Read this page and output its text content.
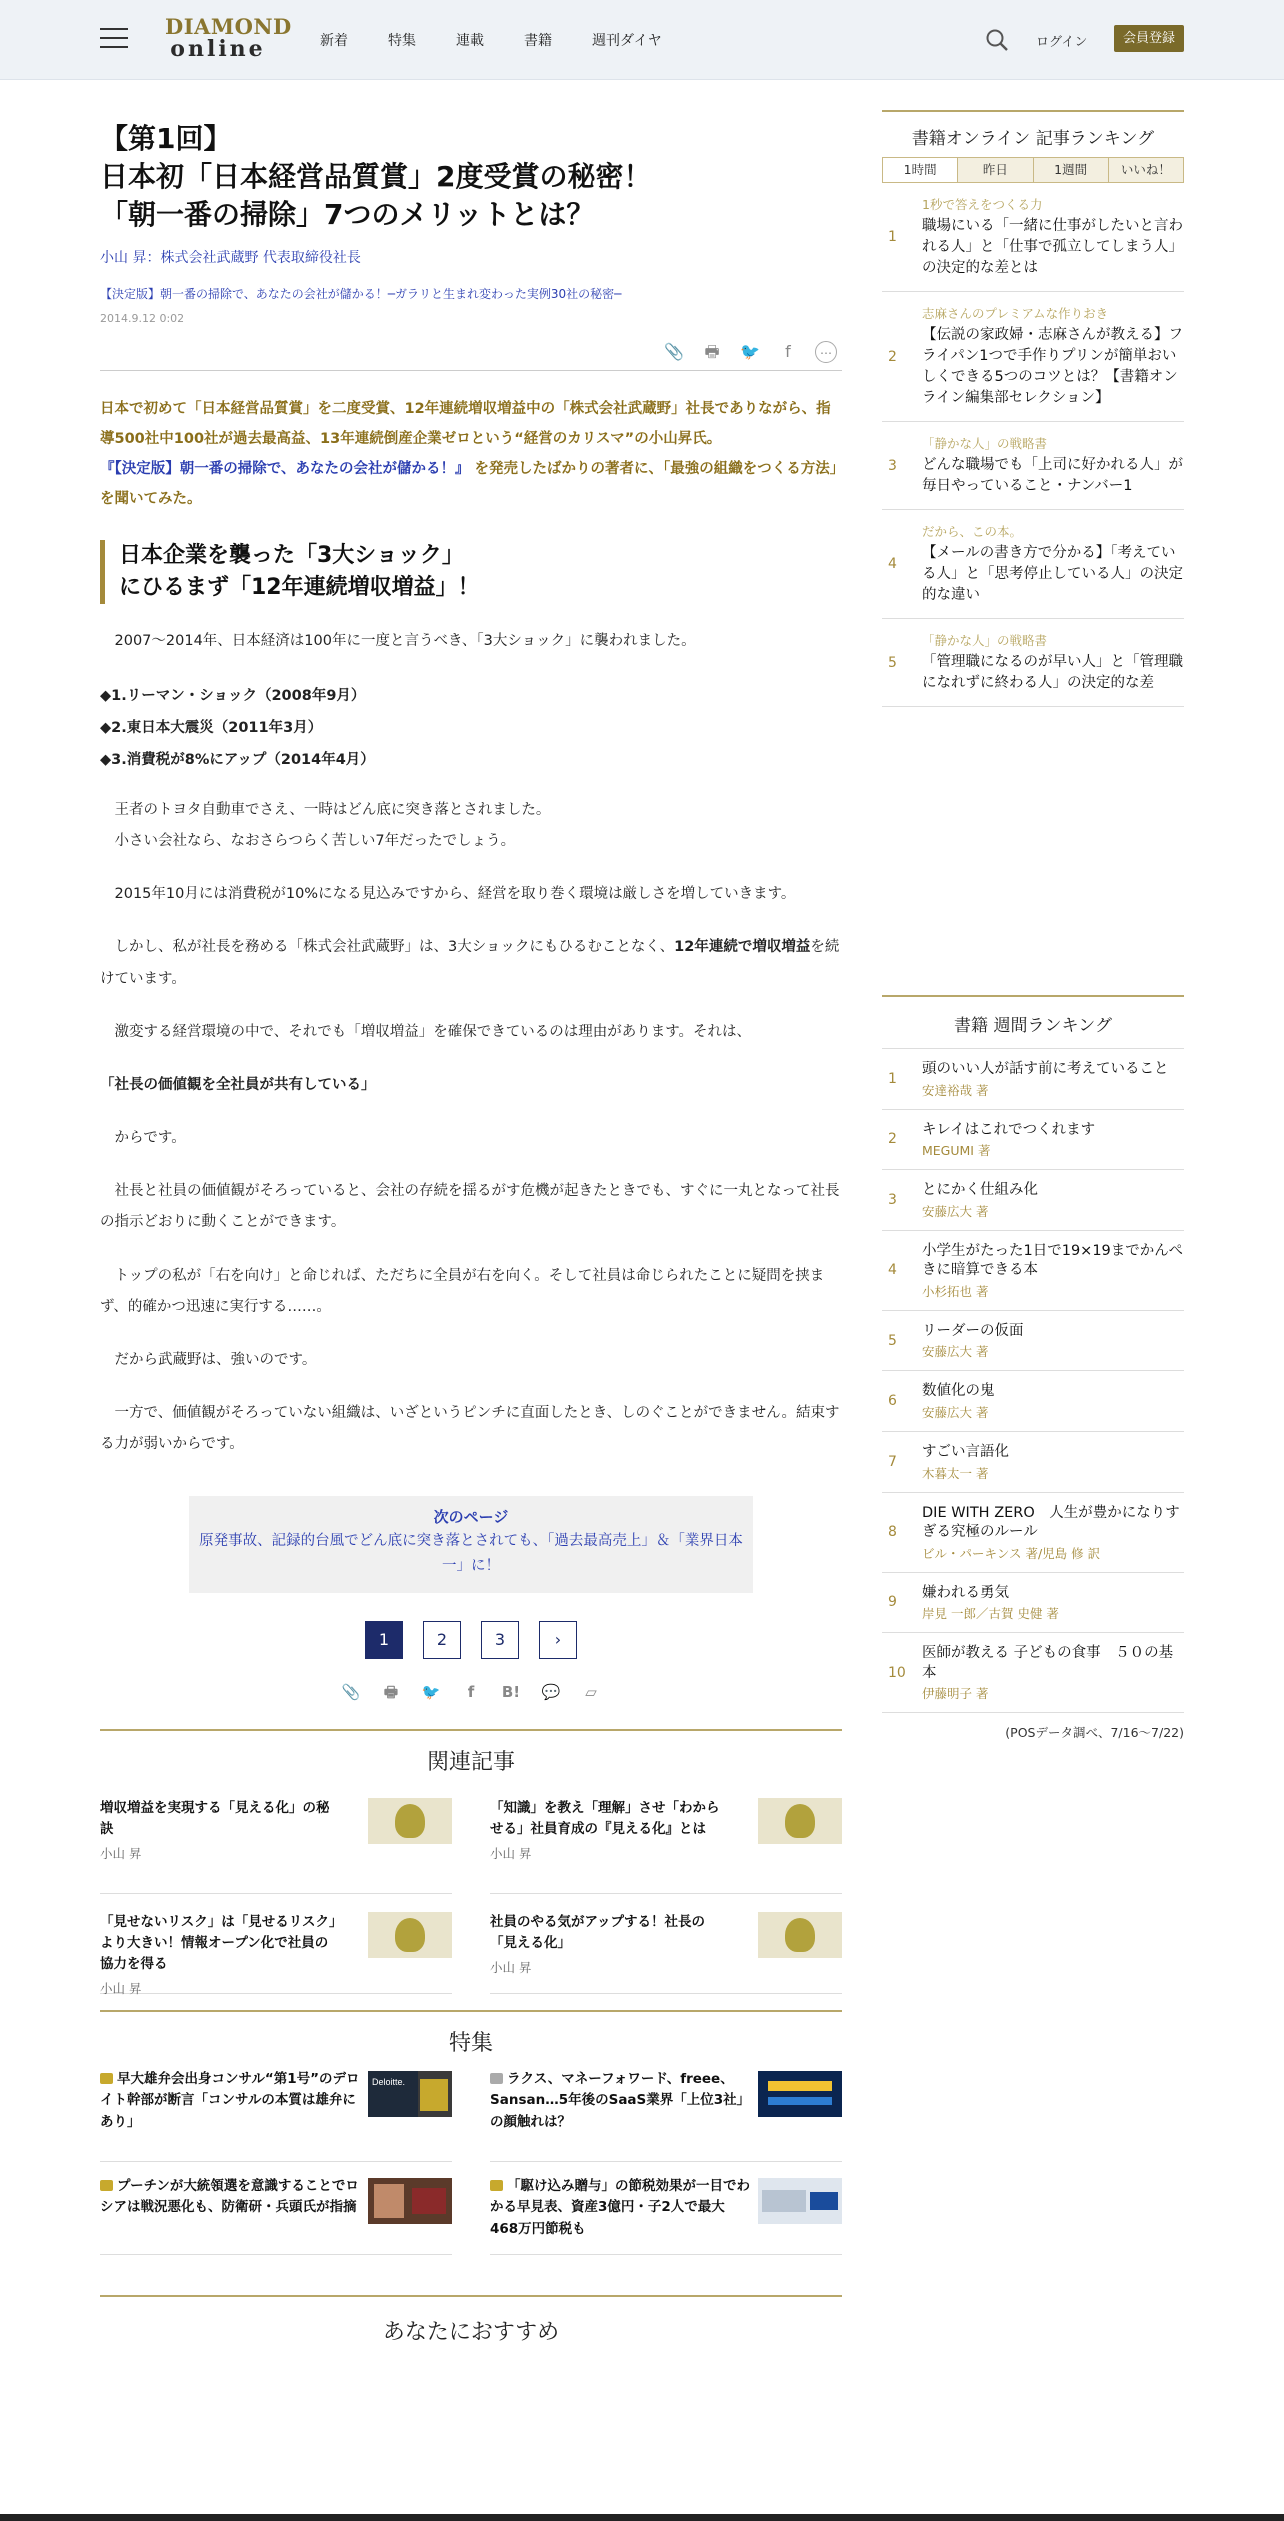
DIAMOND
online	新着	特集	連載	書籍	週刊ダイヤ	ログイン	会員登録
【第1回】
日本初「日本経営品質賞」2度受賞の秘密！
「朝一番の掃除」7つのメリットとは？
小山 昇：株式会社武蔵野 代表取締役社長
【決定版】朝一番の掃除で、あなたの会社が儲かる！─ガラリと生まれ変わった実例30社の秘密─
2014.9.12 0:02
📎 🖶 🐦	f	⋯
日本で初めて「日本経営品質賞」を二度受賞、12年連続増収増益中の「株式会社武蔵野」社長でありながら、指導500社中100社が過去最高益、13年連続倒産企業ゼロという“経営のカリスマ”の小山昇氏。
『【決定版】朝一番の掃除で、あなたの会社が儲かる！』 を発売したばかりの著者に、「最強の組織をつくる方法」を聞いてみた。
日本企業を襲った「3大ショック」
にひるまず「12年連続増収増益」！

2007〜2014年、日本経済は100年に一度と言うべき、「3大ショック」に襲われました。

◆1.リーマン・ショック（2008年9月）
◆2.東日本大震災（2011年3月）
◆3.消費税が8%にアップ（2014年4月）

王者のトヨタ自動車でさえ、一時はどん底に突き落とされました。
　小さい会社なら、なおさらつらく苦しい7年だったでしょう。

2015年10月には消費税が10%になる見込みですから、経営を取り巻く環境は厳しさを増していきます。

しかし、私が社長を務める「株式会社武蔵野」は、3大ショックにもひるむことなく、12年連続で増収増益を続けています。

激変する経営環境の中で、それでも「増収増益」を確保できているのは理由があります。それは、

「社長の価値観を全社員が共有している」

からです。

社長と社員の価値観がそろっていると、会社の存続を揺るがす危機が起きたときでも、すぐに一丸となって社長の指示どおりに動くことができます。

トップの私が「右を向け」と命じれば、ただちに全員が右を向く。そして社員は命じられたことに疑問を挟まず、的確かつ迅速に実行する……。

だから武蔵野は、強いのです。

一方で、価値観がそろっていない組織は、いざというピンチに直面したとき、しのぐことができません。結束する力が弱いからです。

次のページ
原発事故、記録的台風でどん底に突き落とされても、「過去最高売上」＆「業界日本一」に！
1	2	3	›
📎 🖶 🐦	f	B! 💬	▱
関連記事
増収増益を実現する「見える化」の秘訣
小山 昇
「知識」を教え「理解」させ「わからせる」社員育成の『見える化』とは
小山 昇
「見せないリスク」は「見せるリスク」より大きい！情報オープン化で社員の協力を得る
小山 昇
社員のやる気がアップする！社長の「見える化」
小山 昇
特集
早大雄弁会出身コンサル“第1号”のデロイト幹部が断言「コンサルの本質は雄弁にあり」
Deloitte.	ラクス、マネーフォワード、freee、Sansan…5年後のSaaS業界「上位3社」の顔触れは？
プーチンが大統領選を意識することでロシアは戦況悪化も、防衛研・兵頭氏が指摘
「駆け込み贈与」の節税効果が一目でわかる早見表、資産3億円・子2人で最大468万円節税も
あなたにおすすめ
書籍オンライン 記事ランキング
1時間	昨日	1週間	いいね！
1
1秒で答えをつくる力
職場にいる「一緒に仕事がしたいと言われる人」と「仕事で孤立してしまう人」の決定的な差とは
2
志麻さんのプレミアムな作りおき
【伝説の家政婦・志麻さんが教える】フライパン1つで手作りプリンが簡単おいしくできる5つのコツとは？【書籍オンライン編集部セレクション】
3
「静かな人」の戦略書
どんな職場でも「上司に好かれる人」が毎日やっていること・ナンバー1
4
だから、この本。
【メールの書き方で分かる】「考えている人」と「思考停止している人」の決定的な違い
5
「静かな人」の戦略書
「管理職になるのが早い人」と「管理職になれずに終わる人」の決定的な差
書籍 週間ランキング
1
頭のいい人が話す前に考えていること
安達裕哉 著
2
キレイはこれでつくれます
MEGUMI 著
3
とにかく仕組み化
安藤広大 著
4
小学生がたった1日で19×19までかんぺきに暗算できる本
小杉拓也 著
5
リーダーの仮面
安藤広大 著
6
数値化の鬼
安藤広大 著
7
すごい言語化
木暮太一 著
8
DIE WITH ZERO　人生が豊かになりすぎる究極のルール
ビル・パーキンス 著/児島 修 訳
9
嫌われる勇気
岸見 一郎／古賀 史健 著
10
医師が教える 子どもの食事　５０の基本
伊藤明子 著
(POSデータ調べ、7/16〜7/22)
